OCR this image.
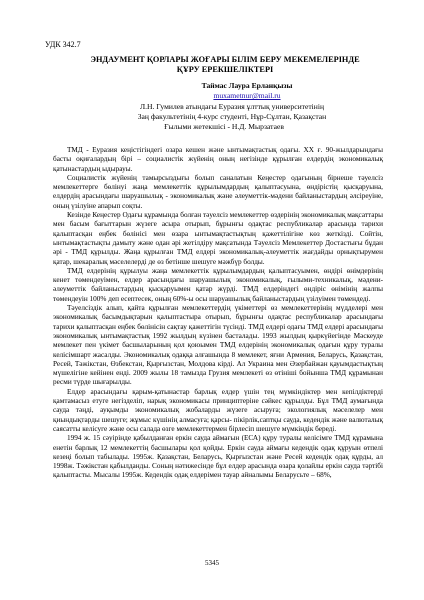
УДК 342.7
ЭНДАУМЕНТ ҚОРЛАРЫ ЖОҒАРЫ БІЛІМ БЕРУ МЕКЕМЕЛЕРІНДЕ
ҚҰРУ ЕРЕКШЕЛІКТЕРІ
Таймас Лаура Ерланқызы
muxametnur@mail.ru
Л.Н. Гумилев атындағы Еуразия ұлттық университетінің
Заң факультетінің 4-курс студенті, Нұр-Сұлтан, Қазақстан
Ғылыми жетекшісі - Н.Д. Мырзатаев

ТМД - Еуразия кеңістігіндегі озара кешен және ынтымақтастық одағы. XX ғ. 90-жылдарындағы басты оқиғалардың бірі – социалистік жүйенің оның негізінде құрылған елдердің экономикалық қатынастардың ыдырауы.

Социалистік жүйенің тамырсыздығы болып саналатын Кеңестер одағының бірнеше тәуелсіз мемлекеттерге бөлінуі жаңа мемлекеттік құрылымдардың қалыптасуына, өндірістің қысқаруына, елдердің арасындағы шаруашылық - экономикалық және әлеуметтік-мәдени байланыстардың әлсіреуіне, оның үзілуіне апарып соқты.

Кезінде Кеңестер Одағы құрамында болған тәуелсіз мемлекеттер өздерінің экономикалық мақсаттары мен басым бағыттарын жүзеге асыра отырып, бұрынғы одақтас республикалар арасында тарихи қалыптасқан еңбек бөлінісі мен өзара ынтымақтастықтың қажеттілігіне көз жеткізді. Сойтін, ынтымақтастықты дамыту және одан әрі жетілдіру мақсатында Тәуелсіз Мемлекеттер Достастығы бұдан әрі - ТМД құрылды. Жаңа құрылған ТМД елдері экономикалық-әлеуметтік жағдайды орнықтырумен қатар, шекаралық мәселелерді де өз бетінше шешуге мәжбүр болды.

ТМД елдерінің құрылуы жаңа мемлекеттік құрылымдардың қалыптасуымен, өндірі өнімдерінің кенет төмендеуімен, елдер арасындағы шаруашылық экономикалық, ғылыми-техникалық, мәдени-әлеуметтік байланыстардың қысқаруымен қатар жүрді. ТМД елдеріндегі өндіріс өнімінің жалпы төмендеуін 100% деп есептесек, оның 60%-ы осы шаруашылық байланыстардың үзілуімен төмендеді.

Тәуелсіздік алып, қайта құрылған мемлекеттердің үкіметтері өз мемлекеттерінің мүдделері мен экономикалық басымдықтарын қалыптастыра отырып, бұрынғы одақтас республикалар арасындағы тарихи қалыптасқан еңбек бөлінісін сақтау қажеттігін түсінді. ТМД елдері одағы ТМД елдері арасындағы экономикалық ынтымақтастық 1992 жылдың күзінен басталады. 1993 жылдың қыркүйегінде Мәскеуде мемлекет пен үкімет басшыларының қол қоюымен ТМД елдерінің экономикалық одағын құру туралы келісімшарт жасалды. Экономикалық одаққа алғашында 8 мемлекет, яғни Армения, Беларусь, Қазақстан, Ресей, Тәжікстан, Өзбекстан, Қырғызстан, Молдова кірді. Ал Украина мен Әзербайжан қауымдастықтың мүшелігіне кейінен енді. 2009 жылы 18 тамызда Грузия мемлекеті өз өтініші бойынша ТМД құрамынан ресми түрде шығарылды.

Елдер арасындағы қарым-қатынастар барлық елдер үшін тең мүмкіндіктер мен кепілдіктерді қамтамасыз етуге негізделіп, нарық экономикасы принциптеріне сәйкес құрылды. Бұл ТМД аумағында сауда тәңді, ауқымды экономикалық жобаларды жүзеге асыруға; экологиялық мәселелер мен қиындықтарды шешуге; жұмыс күшінің алмасуға; қарсы- пікірлік,саптқы сауда, кедендік және валюталық саясатты келісуге және осы салада өзге мемлекеттермен бірлесіп шешуге мүмкіндік береді.

1994 ж. 15 сәуірінде қабылданған еркін сауда аймағын (ЕСА) құру туралы келісімге ТМД құрамына енетін барлық 12 мемлекеттің басшылары қол қойды. Еркін сауда аймағы кедендік одақ құруын өтпелі кезеңі болып табылады. 1995ж. Қазақстан, Беларусь, Қырғызстан және Ресей кедендік одақ құрды, ал 1998ж. Тәжікстан қабылданды. Соның нәтижесінде бұл елдер арасында өзара қолайлы еркін сауда тәртібі қалыптасты. Мысалы 1995ж. Кедендік одақ елдерімен тауар айналымы Беларусьте – 68%,

5345
